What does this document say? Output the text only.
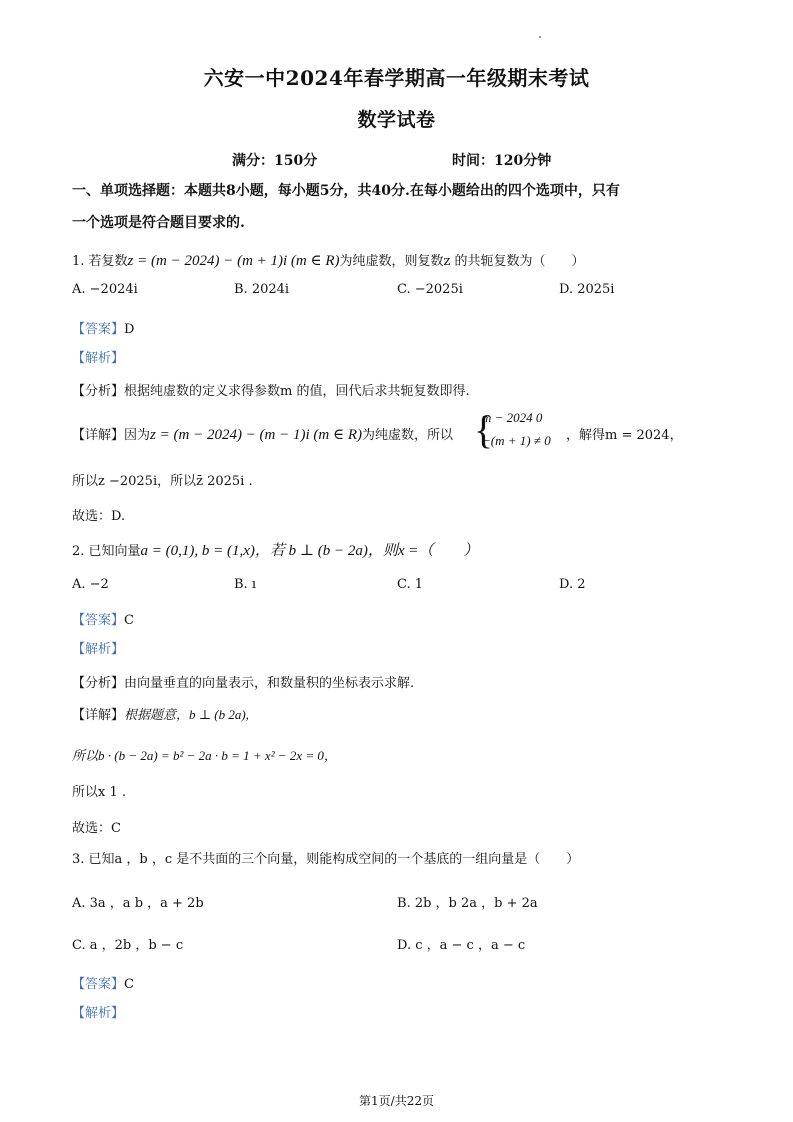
六安一中2024年春学期高一年级期末考试
数学试卷
满分：150分	时间：120分钟
一、单项选择题：本题共8小题，每小题5分，共40分.在每小题给出的四个选项中，只有
一个选项是符合题目要求的.
1. 若复数z = (m − 2024) − (m + 1)i (m ∈ R)为纯虚数，则复数z 的共轭复数为（　　）
A. −2024i	B. 2024i	C. −2025i	D. 2025i
【答案】D
【解析】
【分析】根据纯虚数的定义求得参数m 的值，回代后求共轭复数即得.
【详解】因为z = (m − 2024) − (m − 1)i (m ∈ R)为纯虚数，所以 {
m − 2024 0
−(m + 1) ≠ 0 ，解得m = 2024，
所以z −2025i，所以z̄ 2025i .
故选：D.
2. 已知向量a = (0,1), b = (1,x)，若 b ⊥ (b − 2a)，则x =（　　）
A. −2	B. ı	C. 1	D. 2
【答案】C
【解析】
【分析】由向量垂直的向量表示，和数量积的坐标表示求解.
【详解】根据题意，b ⊥ (b 2a),
所以b · (b − 2a) = b² − 2a · b = 1 + x² − 2x = 0，
所以x 1 .
故选：C
3. 已知a ，b ，c 是不共面的三个向量，则能构成空间的一个基底的一组向量是（　　）
A. 3a ，a b ，a + 2b	B. 2b ，b 2a ，b + 2a
C. a ，2b ，b − c	D. c ，a − c ，a − c
【答案】C
【解析】
第1页/共22页
